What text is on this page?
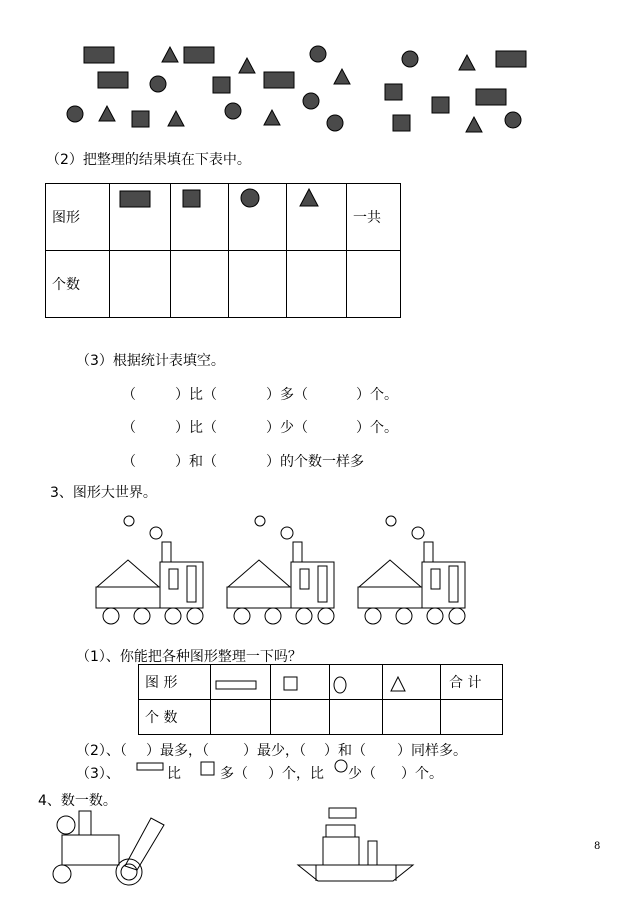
（2）把整理的结果填在下表中。
图形					一共
个数					
（3）根据统计表填空。
（	）比（	）多（	）个。
（	）比（	）少（	）个。
（	）和（	）的个数一样多
3、图形大世界。
（1）、你能把各种图形整理一下吗？
图 形					合 计
个 数					
（2）、（ ）最多，（ ）最少，（ ）和（ ）同样多。
（3）、	比	多（ ）个，比 少（ ）个。
4、数一数。
8
